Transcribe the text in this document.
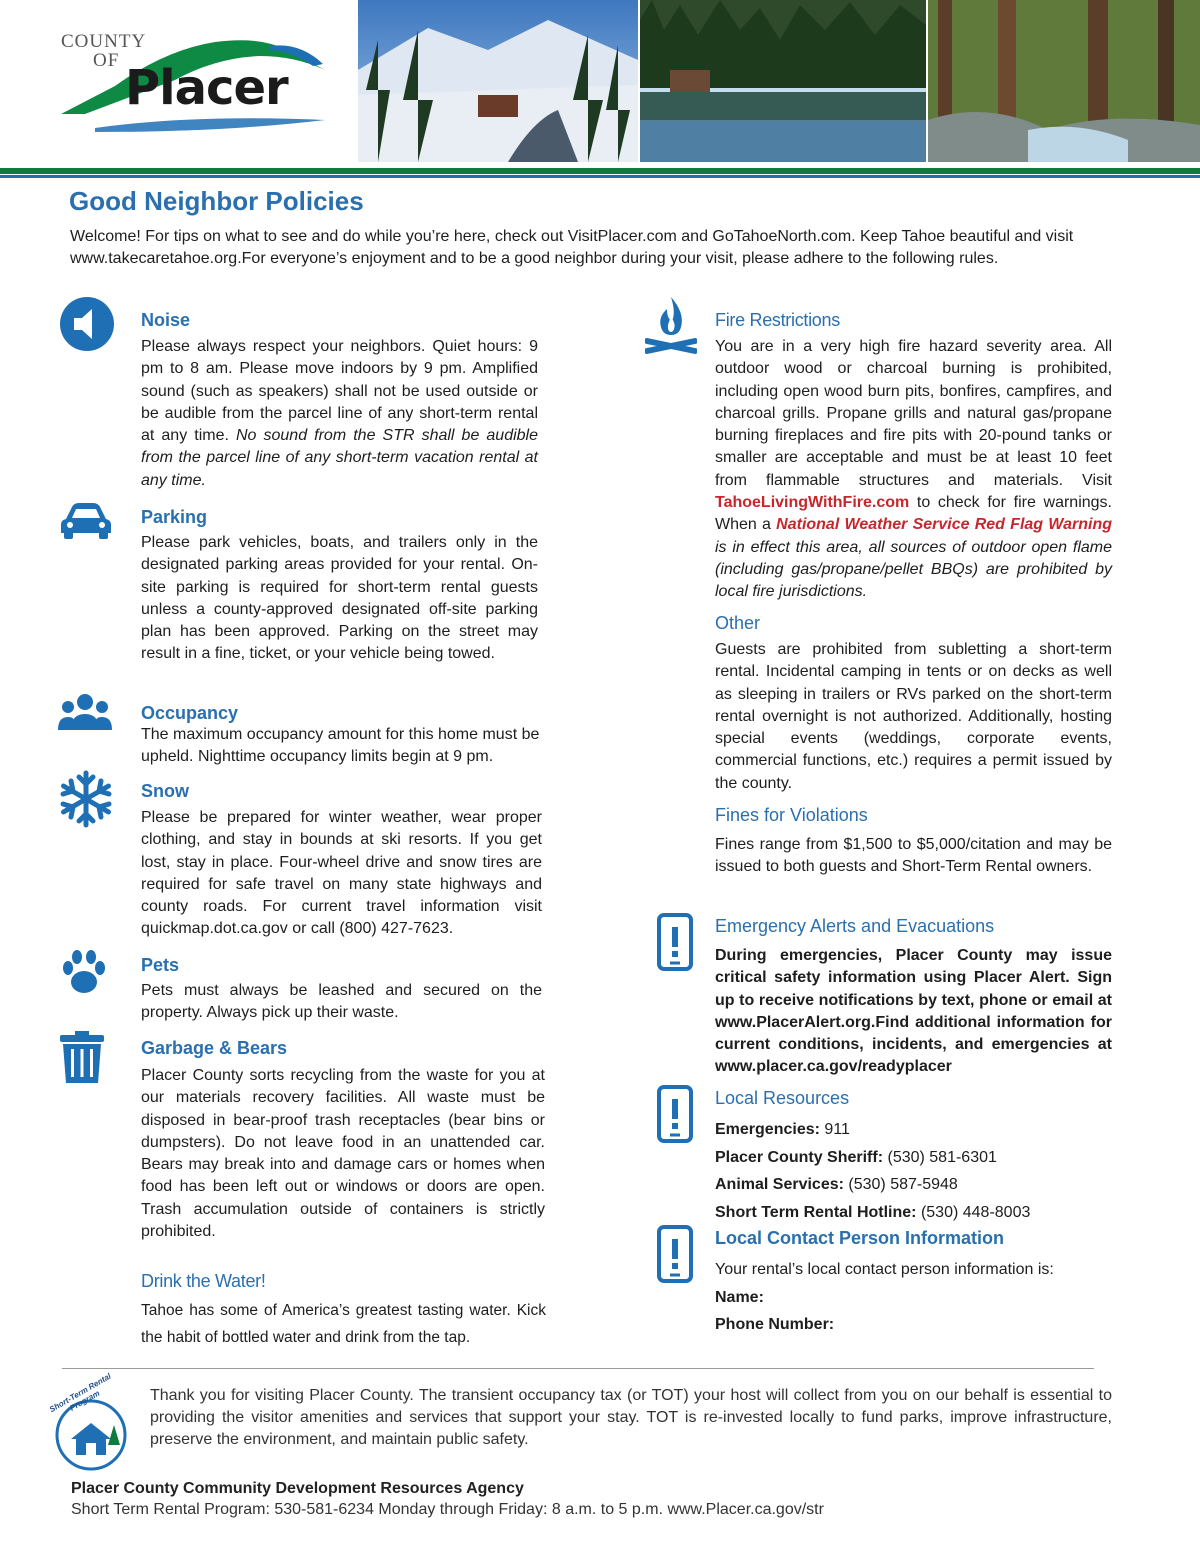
COUNTY
OF Placer
Good Neighbor Policies
Welcome! For tips on what to see and do while you’re here, check out VisitPlacer.com and GoTahoeNorth.com. Keep Tahoe beautiful and visit www.takecaretahoe.org.For everyone’s enjoyment and to be a good neighbor during your visit, please adhere to the following rules.
Noise
Please always respect your neighbors. Quiet hours: 9 pm to 8 am. Please move indoors by 9 pm. Amplified sound (such as speakers) shall not be used outside or be audible from the parcel line of any short-term rental at any time. No sound from the STR shall be audible from the parcel line of any short-term vacation rental at any time.
Parking
Please park vehicles, boats, and trailers only in the designated parking areas provided for your rental. On-site parking is required for short-term rental guests unless a county-approved designated off-site parking plan has been approved. Parking on the street may result in a fine, ticket, or your vehicle being towed.
Occupancy
The maximum occupancy amount for this home must be upheld. Nighttime occupancy limits begin at 9 pm.
Snow
Please be prepared for winter weather, wear proper clothing, and stay in bounds at ski resorts. If you get lost, stay in place. Four-wheel drive and snow tires are required for safe travel on many state highways and county roads. For current travel information visit quickmap.dot.ca.gov or call (800) 427-7623.
Pets
Pets must always be leashed and secured on the property. Always pick up their waste.
Garbage & Bears
Placer County sorts recycling from the waste for you at our materials recovery facilities. All waste must be disposed in bear-proof trash receptacles (bear bins or dumpsters). Do not leave food in an unattended car. Bears may break into and damage cars or homes when food has been left out or windows or doors are open. Trash accumulation outside of containers is strictly prohibited.
Drink the Water!
Tahoe has some of America’s greatest tasting water. Kick the habit of bottled water and drink from the tap.
Fire Restrictions
You are in a very high fire hazard severity area. All outdoor wood or charcoal burning is prohibited, including open wood burn pits, bonfires, campfires, and charcoal grills. Propane grills and natural gas/propane burning fireplaces and fire pits with 20-pound tanks or smaller are acceptable and must be at least 10 feet from flammable structures and materials. Visit TahoeLivingWithFire.com to check for fire warnings. When a National Weather Service Red Flag Warning is in effect this area, all sources of outdoor open flame (including gas/propane/pellet BBQs) are prohibited by local fire jurisdictions.
Other
Guests are prohibited from subletting a short-term rental. Incidental camping in tents or on decks as well as sleeping in trailers or RVs parked on the short-term rental overnight is not authorized. Additionally, hosting special events (weddings, corporate events, commercial functions, etc.) requires a permit issued by the county.
Fines for Violations
Fines range from $1,500 to $5,000/citation and may be issued to both guests and Short-Term Rental owners.
Emergency Alerts and Evacuations
During emergencies, Placer County may issue critical safety information using Placer Alert. Sign up to receive notifications by text, phone or email at www.PlacerAlert.org.Find additional information for current conditions, incidents, and emergencies at www.placer.ca.gov/readyplacer
Local Resources
Emergencies: 911
Placer County Sheriff: (530) 581-6301
Animal Services: (530) 587-5948
Short Term Rental Hotline: (530) 448-8003
Local Contact Person Information
Your rental’s local contact person information is:
Name:
Phone Number:
Short-Term Rental Program	Thank you for visiting Placer County. The transient occupancy tax (or TOT) your host will collect from you on our behalf is essential to providing the visitor amenities and services that support your stay. TOT is re-invested locally to fund parks, improve infrastructure, preserve the environment, and maintain public safety.
Placer County Community Development Resources Agency
Short Term Rental Program: 530-581-6234 Monday through Friday: 8 a.m. to 5 p.m. www.Placer.ca.gov/str
